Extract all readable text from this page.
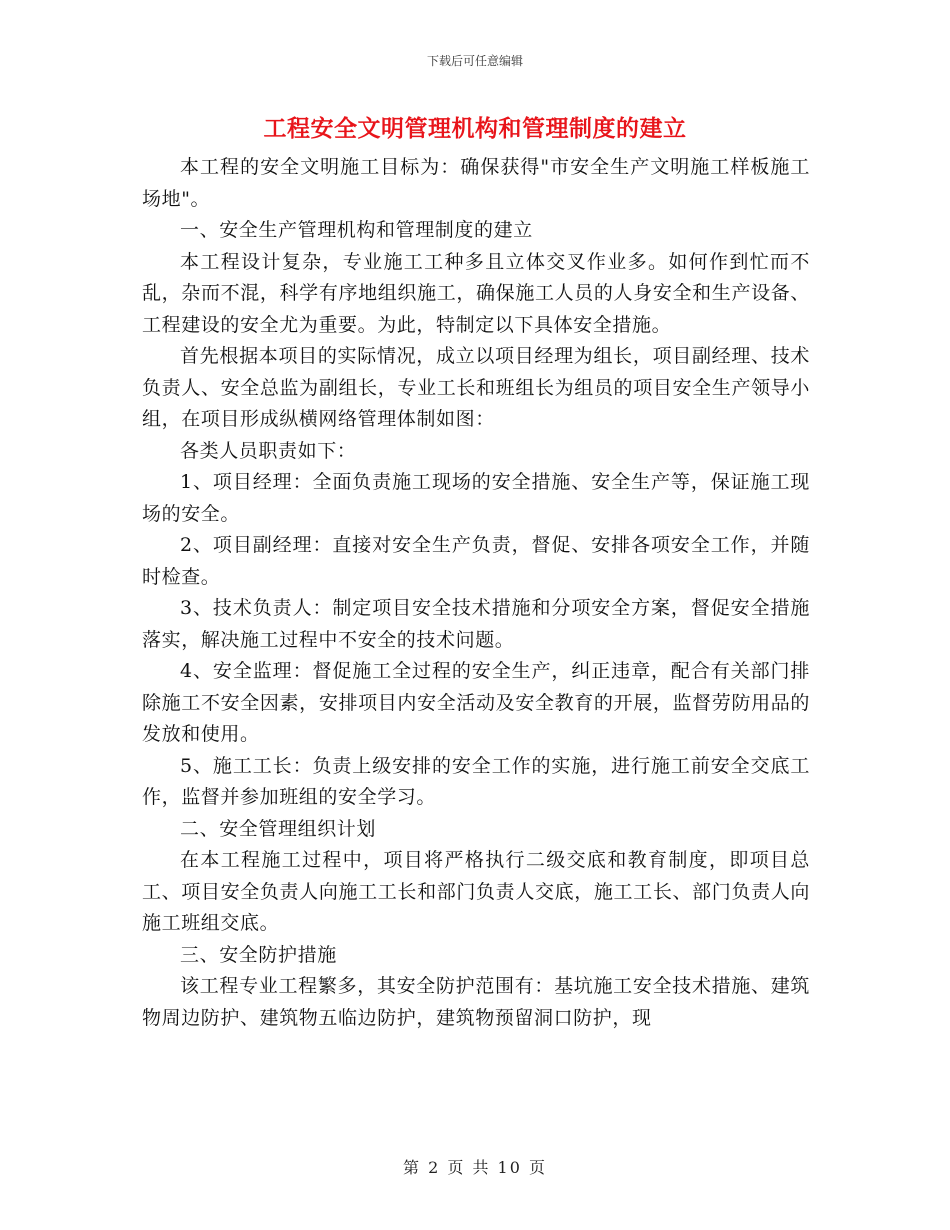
下载后可任意编辑
工程安全文明管理机构和管理制度的建立

本工程的安全文明施工目标为：确保获得"市安全生产文明施工样板施工场地"。

一、安全生产管理机构和管理制度的建立

本工程设计复杂，专业施工工种多且立体交叉作业多。如何作到忙而不乱，杂而不混，科学有序地组织施工，确保施工人员的人身安全和生产设备、工程建设的安全尤为重要。为此，特制定以下具体安全措施。

首先根据本项目的实际情况，成立以项目经理为组长，项目副经理、技术负责人、安全总监为副组长，专业工长和班组长为组员的项目安全生产领导小组，在项目形成纵横网络管理体制如图：

各类人员职责如下：

1、项目经理：全面负责施工现场的安全措施、安全生产等，保证施工现场的安全。

2、项目副经理：直接对安全生产负责，督促、安排各项安全工作，并随时检查。

3、技术负责人：制定项目安全技术措施和分项安全方案，督促安全措施落实，解决施工过程中不安全的技术问题。

4、安全监理：督促施工全过程的安全生产，纠正违章，配合有关部门排除施工不安全因素，安排项目内安全活动及安全教育的开展，监督劳防用品的发放和使用。

5、施工工长：负责上级安排的安全工作的实施，进行施工前安全交底工作，监督并参加班组的安全学习。

二、安全管理组织计划

在本工程施工过程中，项目将严格执行二级交底和教育制度，即项目总工、项目安全负责人向施工工长和部门负责人交底，施工工长、部门负责人向施工班组交底。

三、安全防护措施

该工程专业工程繁多，其安全防护范围有：基坑施工安全技术措施、建筑物周边防护、建筑物五临边防护，建筑物预留洞口防护，现

第 2 页 共 10 页
